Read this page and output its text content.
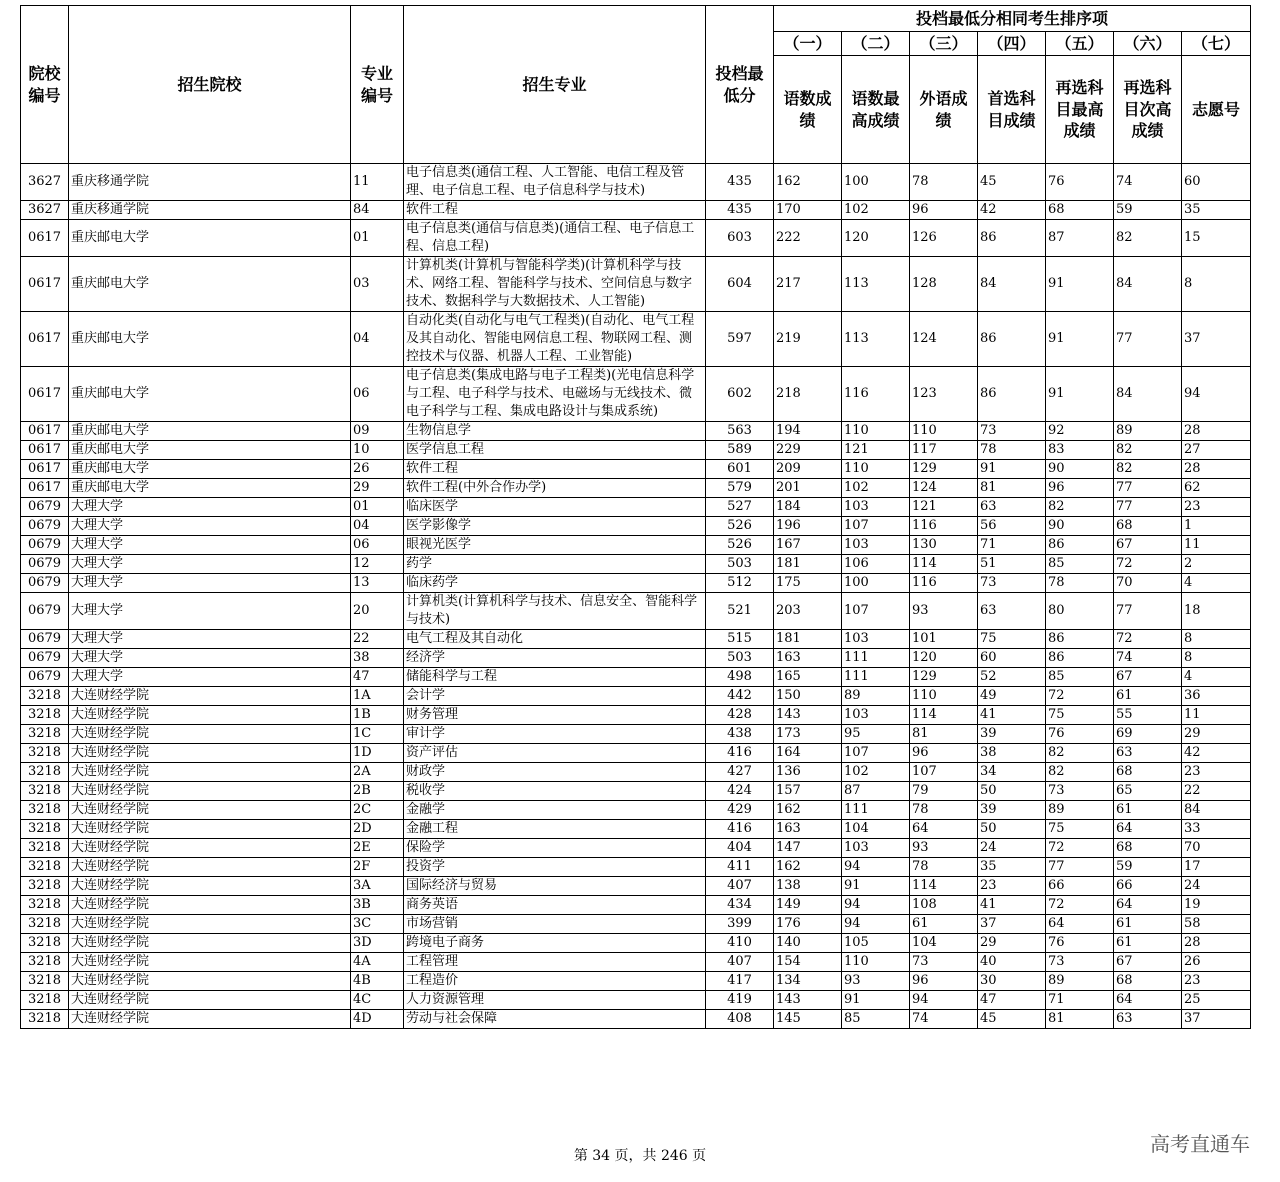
院校编号	招生院校	专业编号	招生专业	投档最低分	投档最低分相同考生排序项						
					（一）	（二）	（三）	（四）	（五）	（六）	（七）
					语数成绩	语数最高成绩	外语成绩	首选科目成绩	再选科目最高成绩	再选科目次高成绩	志愿号
3627	重庆移通学院	11	电子信息类(通信工程、人工智能、电信工程及管理、电子信息工程、电子信息科学与技术)	435	162	100	78	45	76	74	60
3627	重庆移通学院	84	软件工程	435	170	102	96	42	68	59	35
0617	重庆邮电大学	01	电子信息类(通信与信息类)(通信工程、电子信息工程、信息工程)	603	222	120	126	86	87	82	15
0617	重庆邮电大学	03	计算机类(计算机与智能科学类)(计算机科学与技术、网络工程、智能科学与技术、空间信息与数字技术、数据科学与大数据技术、人工智能)	604	217	113	128	84	91	84	8
0617	重庆邮电大学	04	自动化类(自动化与电气工程类)(自动化、电气工程及其自动化、智能电网信息工程、物联网工程、测控技术与仪器、机器人工程、工业智能)	597	219	113	124	86	91	77	37
0617	重庆邮电大学	06	电子信息类(集成电路与电子工程类)(光电信息科学与工程、电子科学与技术、电磁场与无线技术、微电子科学与工程、集成电路设计与集成系统)	602	218	116	123	86	91	84	94
0617	重庆邮电大学	09	生物信息学	563	194	110	110	73	92	89	28
0617	重庆邮电大学	10	医学信息工程	589	229	121	117	78	83	82	27
0617	重庆邮电大学	26	软件工程	601	209	110	129	91	90	82	28
0617	重庆邮电大学	29	软件工程(中外合作办学)	579	201	102	124	81	96	77	62
0679	大理大学	01	临床医学	527	184	103	121	63	82	77	23
0679	大理大学	04	医学影像学	526	196	107	116	56	90	68	1
0679	大理大学	06	眼视光医学	526	167	103	130	71	86	67	11
0679	大理大学	12	药学	503	181	106	114	51	85	72	2
0679	大理大学	13	临床药学	512	175	100	116	73	78	70	4
0679	大理大学	20	计算机类(计算机科学与技术、信息安全、智能科学与技术)	521	203	107	93	63	80	77	18
0679	大理大学	22	电气工程及其自动化	515	181	103	101	75	86	72	8
0679	大理大学	38	经济学	503	163	111	120	60	86	74	8
0679	大理大学	47	储能科学与工程	498	165	111	129	52	85	67	4
3218	大连财经学院	1A	会计学	442	150	89	110	49	72	61	36
3218	大连财经学院	1B	财务管理	428	143	103	114	41	75	55	11
3218	大连财经学院	1C	审计学	438	173	95	81	39	76	69	29
3218	大连财经学院	1D	资产评估	416	164	107	96	38	82	63	42
3218	大连财经学院	2A	财政学	427	136	102	107	34	82	68	23
3218	大连财经学院	2B	税收学	424	157	87	79	50	73	65	22
3218	大连财经学院	2C	金融学	429	162	111	78	39	89	61	84
3218	大连财经学院	2D	金融工程	416	163	104	64	50	75	64	33
3218	大连财经学院	2E	保险学	404	147	103	93	24	72	68	70
3218	大连财经学院	2F	投资学	411	162	94	78	35	77	59	17
3218	大连财经学院	3A	国际经济与贸易	407	138	91	114	23	66	66	24
3218	大连财经学院	3B	商务英语	434	149	94	108	41	72	64	19
3218	大连财经学院	3C	市场营销	399	176	94	61	37	64	61	58
3218	大连财经学院	3D	跨境电子商务	410	140	105	104	29	76	61	28
3218	大连财经学院	4A	工程管理	407	154	110	73	40	73	67	26
3218	大连财经学院	4B	工程造价	417	134	93	96	30	89	68	23
3218	大连财经学院	4C	人力资源管理	419	143	91	94	47	71	64	25
3218	大连财经学院	4D	劳动与社会保障	408	145	85	74	45	81	63	37
第 34 页，共 246 页	高考直通车
